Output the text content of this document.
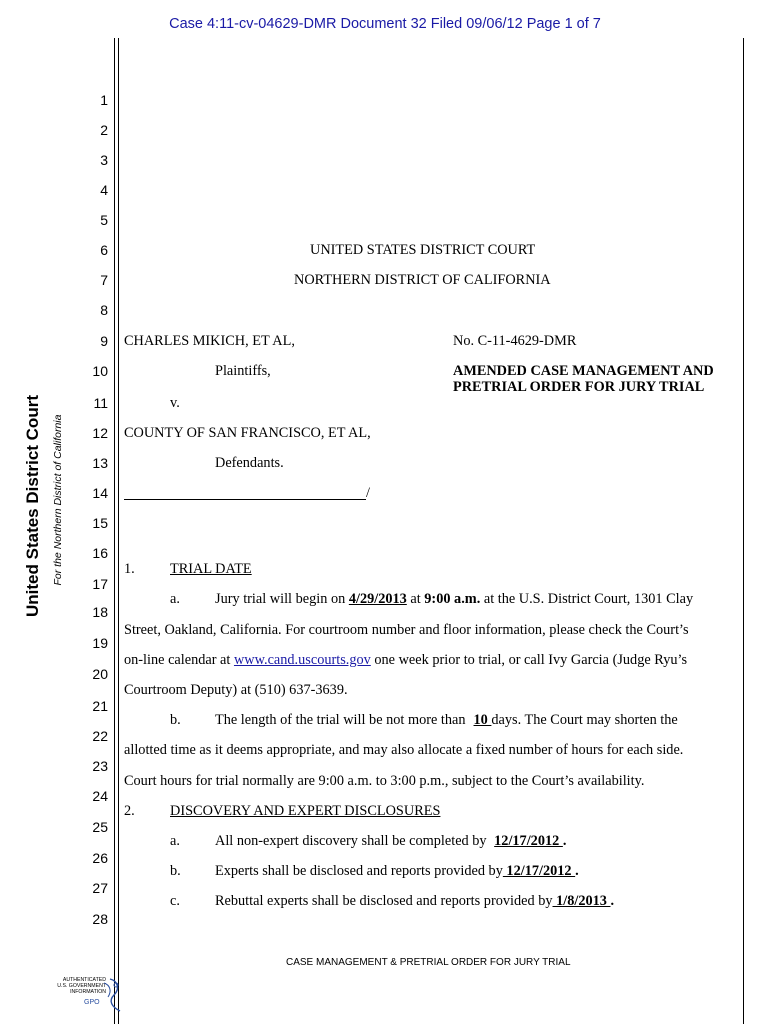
Case 4:11-cv-04629-DMR Document 32 Filed 09/06/12 Page 1 of 7
United States District Court For the Northern District of California
1
2
3
4
5
6
7
8
9
10
11
12
13
14
15
16
17
18
19
20
21
22
23
24
25
26
27
28
UNITED STATES DISTRICT COURT
NORTHERN DISTRICT OF CALIFORNIA
CHARLES MIKICH, ET AL,	No. C-11-4629-DMR
Plaintiffs,	AMENDED CASE MANAGEMENT AND
PRETRIAL ORDER FOR JURY TRIAL
v.
COUNTY OF SAN FRANCISCO, ET AL,
Defendants.
/
1. TRIAL DATE
a. Jury trial will begin on 4/29/2013 at 9:00 a.m. at the U.S. District Court, 1301 Clay
Street, Oakland, California. For courtroom number and floor information, please check the Court’s
on-line calendar at www.cand.uscourts.gov one week prior to trial, or call Ivy Garcia (Judge Ryu’s
Courtroom Deputy) at (510) 637-3639.
b. The length of the trial will be not more than 10 days. The Court may shorten the
allotted time as it deems appropriate, and may also allocate a fixed number of hours for each side.
Court hours for trial normally are 9:00 a.m. to 3:00 p.m., subject to the Court’s availability.
2. DISCOVERY AND EXPERT DISCLOSURES
a. All non-expert discovery shall be completed by 12/17/2012 .
b. Experts shall be disclosed and reports provided by 12/17/2012 .
c. Rebuttal experts shall be disclosed and reports provided by 1/8/2013 .
CASE MANAGEMENT & PRETRIAL ORDER FOR JURY TRIAL
AUTHENTICATED
U.S. GOVERNMENT
INFORMATION
GPO
